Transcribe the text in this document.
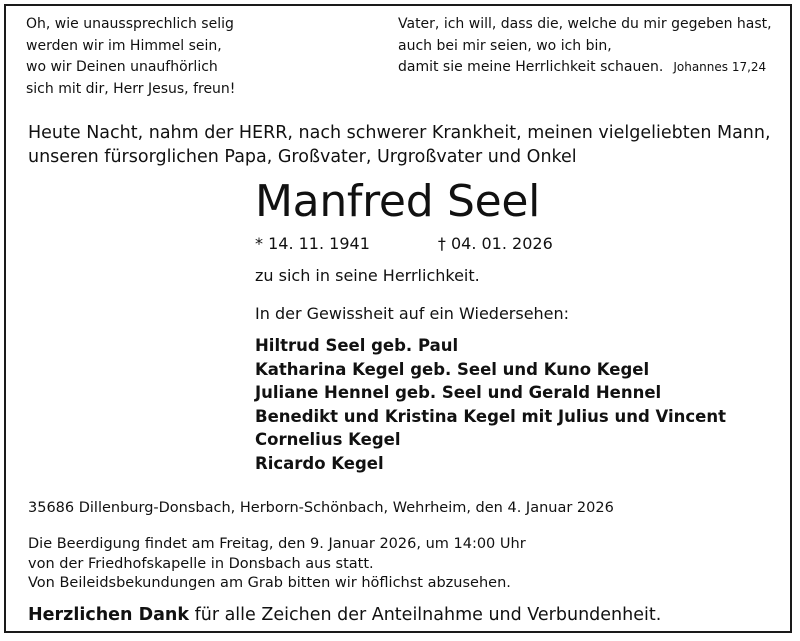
Oh, wie unaussprechlich selig
werden wir im Himmel sein,
wo wir Deinen unaufhörlich
sich mit dir, Herr Jesus, freun!
Vater, ich will, dass die, welche du mir gegeben hast,
auch bei mir seien, wo ich bin,
damit sie meine Herrlichkeit schauen. Johannes 17,24
Heute Nacht, nahm der HERR, nach schwerer Krankheit, meinen vielgeliebten Mann,
unseren fürsorglichen Papa, Großvater, Urgroßvater und Onkel
Manfred Seel
* 14. 11. 1941	† 04. 01. 2026
zu sich in seine Herrlichkeit.
In der Gewissheit auf ein Wiedersehen:
Hiltrud Seel geb. Paul
Katharina Kegel geb. Seel und Kuno Kegel
Juliane Hennel geb. Seel und Gerald Hennel
Benedikt und Kristina Kegel mit Julius und Vincent
Cornelius Kegel
Ricardo Kegel
35686 Dillenburg-Donsbach, Herborn-Schönbach, Wehrheim, den 4. Januar 2026
Die Beerdigung findet am Freitag, den 9. Januar 2026, um 14:00 Uhr
von der Friedhofskapelle in Donsbach aus statt.
Von Beileidsbekundungen am Grab bitten wir höflichst abzusehen.
Herzlichen Dank für alle Zeichen der Anteilnahme und Verbundenheit.
